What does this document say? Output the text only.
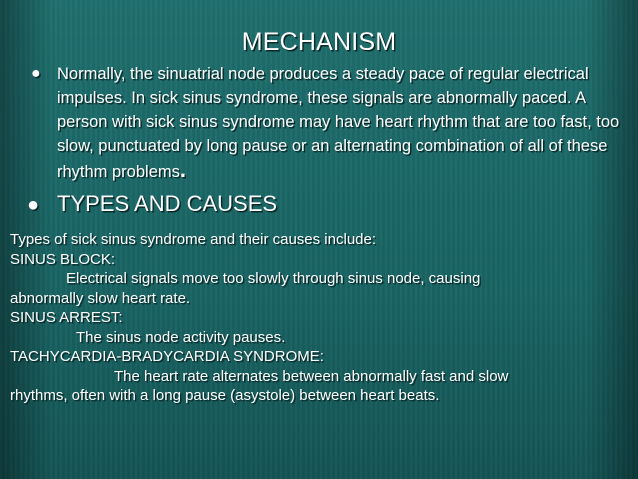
MECHANISM
● Normally, the sinuatrial node produces a steady pace of regular electrical impulses. In sick sinus syndrome, these signals are abnormally paced. A person with sick sinus syndrome may have heart rhythm that are too fast, too slow, punctuated by long pause or an alternating combination of all of these rhythm problems.
● TYPES AND CAUSES
Types of sick sinus syndrome and their causes include:
SINUS BLOCK:
Electrical signals move too slowly through sinus node, causing
abnormally slow heart rate.
SINUS ARREST:
The sinus node activity pauses.
TACHYCARDIA-BRADYCARDIA SYNDROME:
The heart rate alternates between abnormally fast and slow
rhythms, often with a long pause (asystole) between heart beats.
